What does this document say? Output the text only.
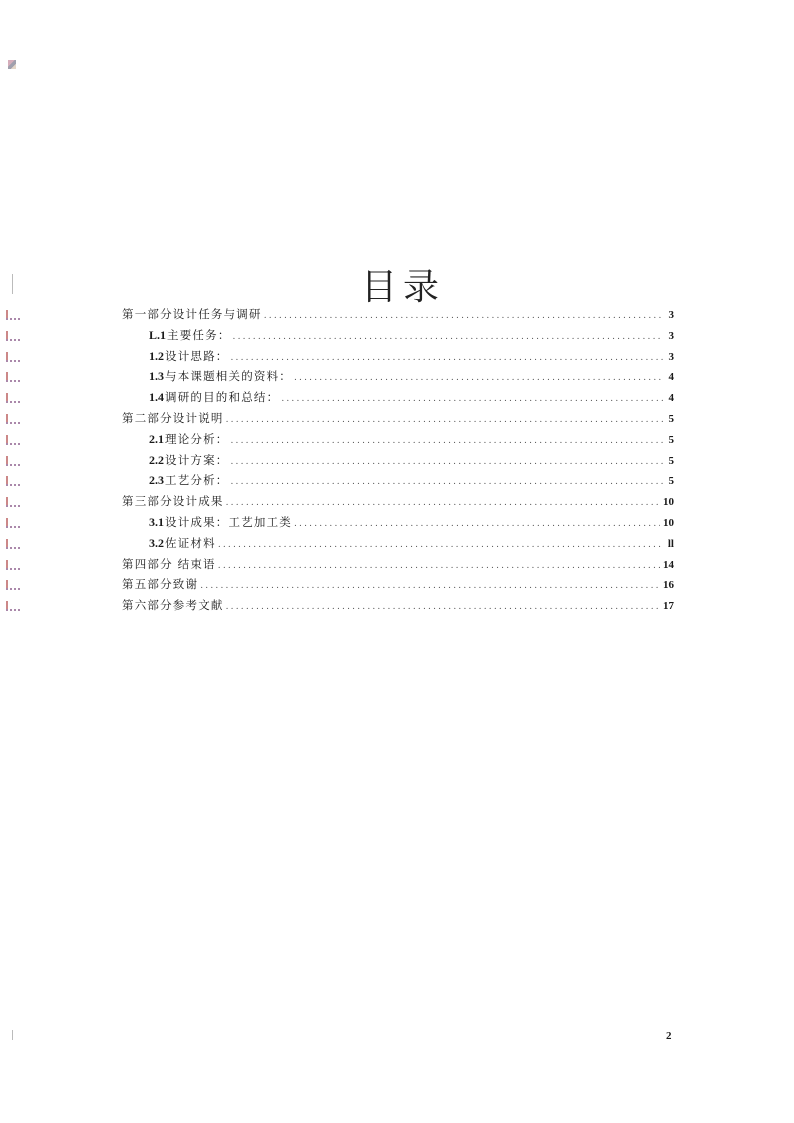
目录
第一部分设计任务与调研 .....	3
L.1主要任务： .....	3
1.2设计思路： .....	3
1.3与本课题相关的资料： .....	4
1.4调研的目的和总结： .....	4
第二部分设计说明 .....	5
2.1理论分析： .....	5
2.2设计方案： .....	5
2.3工艺分析： .....	5
第三部分设计成果 .....	10
3.1设计成果：工艺加工类 .....	10
3.2佐证材料 .....	ll
第四部分 结束语 .....	14
第五部分致谢 .....	16
第六部分参考文献 .....	17
2
